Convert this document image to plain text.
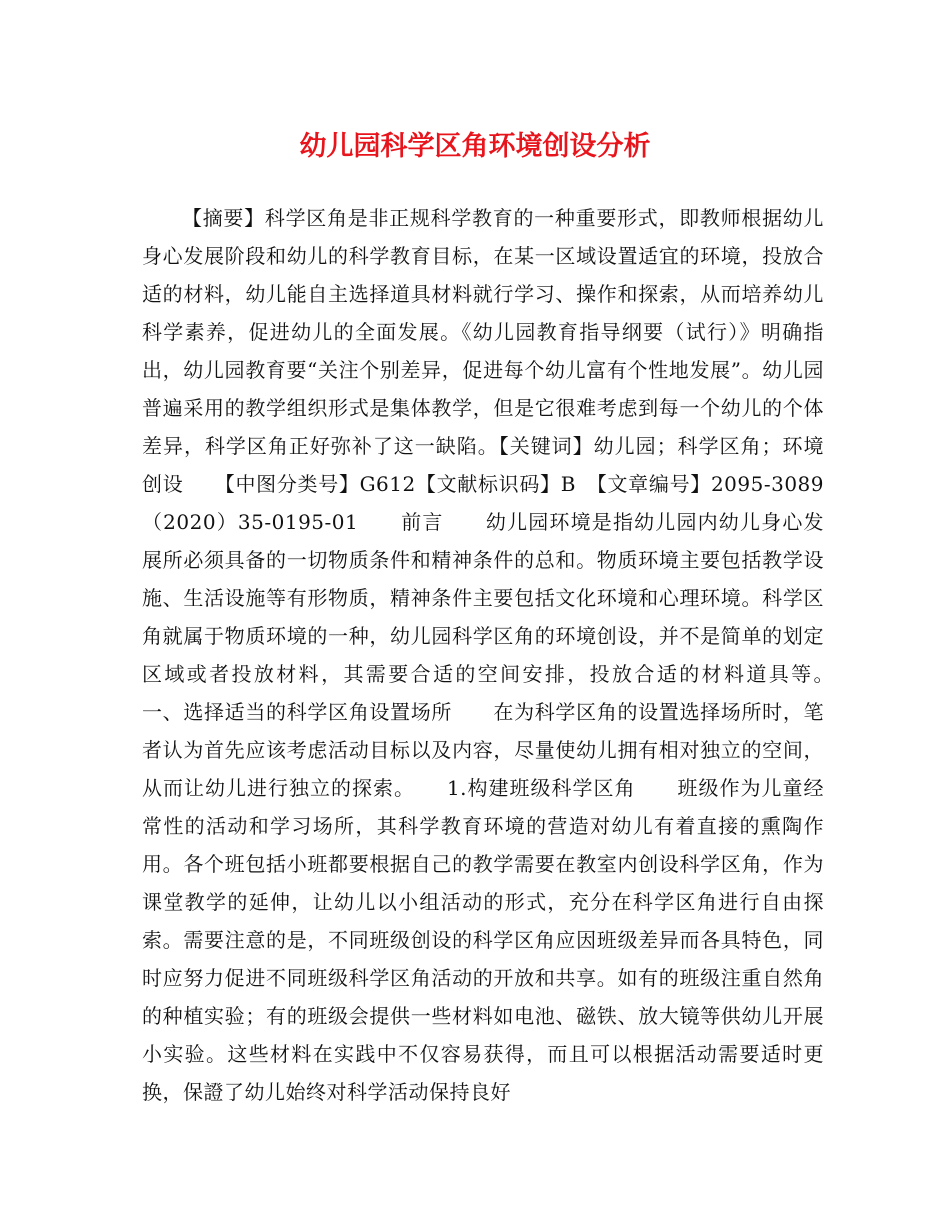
幼儿园科学区角环境创设分析

【摘要】科学区角是非正规科学教育的一种重要形式，即教师根据幼儿身心发展阶段和幼儿的科学教育目标，在某一区域设置适宜的环境，投放合适的材料，幼儿能自主选择道具材料就行学习、操作和探索，从而培养幼儿科学素养，促进幼儿的全面发展。《幼儿园教育指导纲要（试行）》明确指出，幼儿园教育要“关注个别差异，促进每个幼儿富有个性地发展”。幼儿园普遍采用的教学组织形式是集体教学，但是它很难考虑到每一个幼儿的个体差异，科学区角正好弥补了这一缺陷。【关键词】幼儿园；科学区角；环境创设　　【中图分类号】G612【文献标识码】B　【文章编号】2095-3089（2020）35-0195-01　　前言　　幼儿园环境是指幼儿园内幼儿身心发展所必须具备的一切物质条件和精神条件的总和。物质环境主要包括教学设施、生活设施等有形物质，精神条件主要包括文化环境和心理环境。科学区角就属于物质环境的一种，幼儿园科学区角的环境创设，并不是简单的划定区域或者投放材料，其需要合适的空间安排，投放合适的材料道具等。　　一、选择适当的科学区角设置场所　　在为科学区角的设置选择场所时，笔者认为首先应该考虑活动目标以及内容，尽量使幼儿拥有相对独立的空间，从而让幼儿进行独立的探索。　　1.构建班级科学区角　　班级作为儿童经常性的活动和学习场所，其科学教育环境的营造对幼儿有着直接的熏陶作用。各个班包括小班都要根据自己的教学需要在教室内创设科学区角，作为课堂教学的延伸，让幼儿以小组活动的形式，充分在科学区角进行自由探索。需要注意的是，不同班级创设的科学区角应因班级差异而各具特色，同时应努力促进不同班级科学区角活动的开放和共享。如有的班级注重自然角的种植实验；有的班级会提供一些材料如电池、磁铁、放大镜等供幼儿开展小实验。这些材料在实践中不仅容易获得，而且可以根据活动需要适时更换，保證了幼儿始终对科学活动保持良好
